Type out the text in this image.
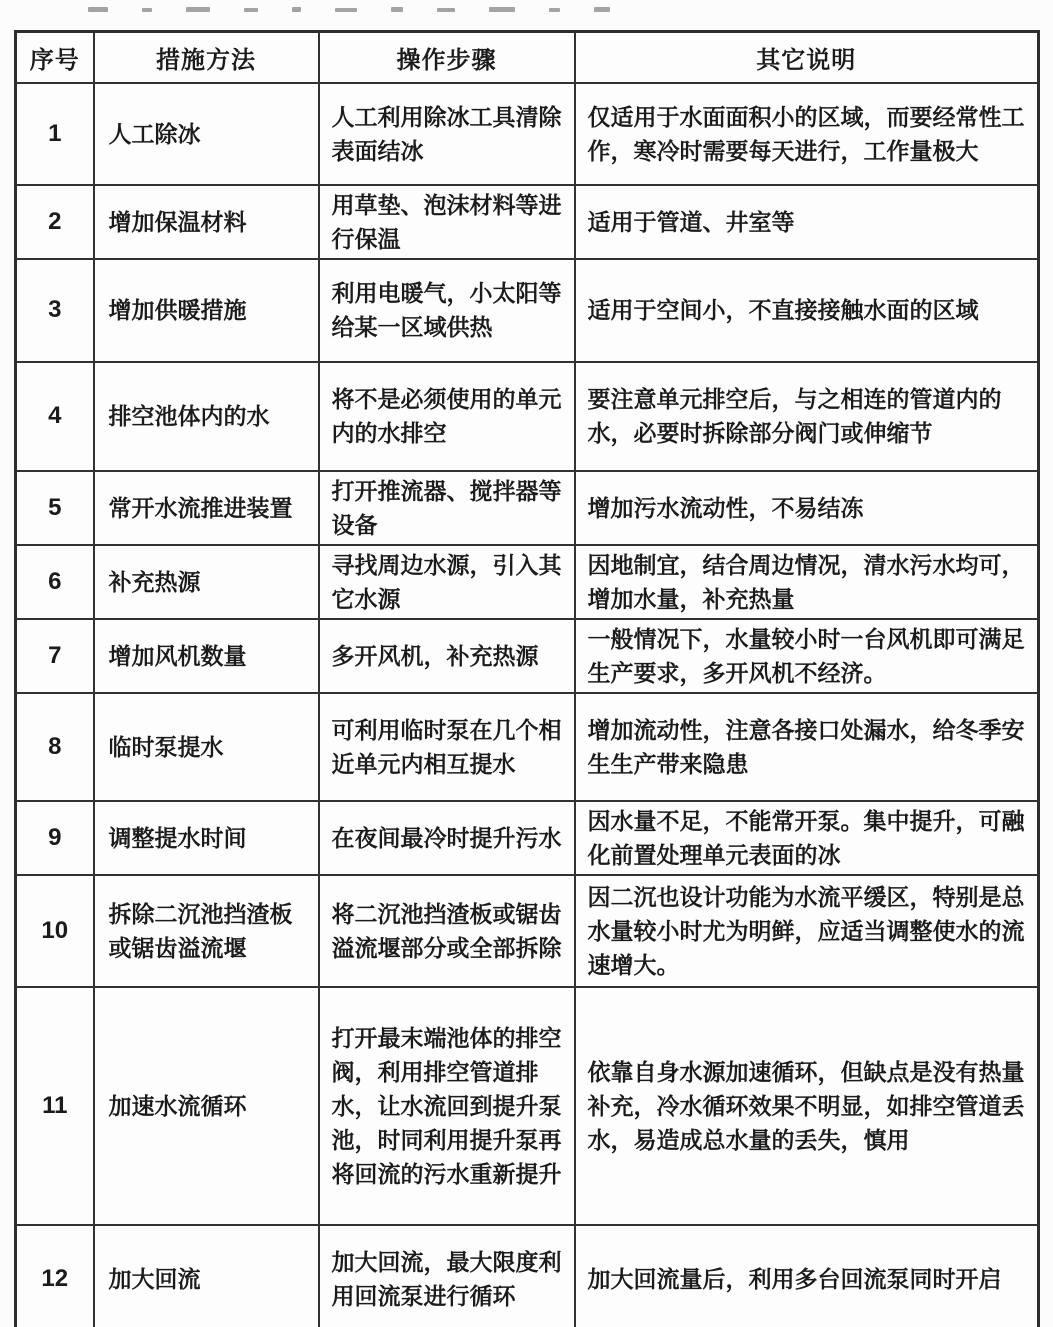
序号	措施方法	操作步骤	其它说明
1	人工除冰	人工利用除冰工具清除表面结冰	仅适用于水面面积小的区域，而要经常性工作，寒冷时需要每天进行，工作量极大
2	增加保温材料	用草垫、泡沫材料等进行保温	适用于管道、井室等
3	增加供暖措施	利用电暖气，小太阳等给某一区域供热	适用于空间小，不直接接触水面的区域
4	排空池体内的水	将不是必须使用的单元内的水排空	要注意单元排空后，与之相连的管道内的水，必要时拆除部分阀门或伸缩节
5	常开水流推进装置	打开推流器、搅拌器等设备	增加污水流动性，不易结冻
6	补充热源	寻找周边水源，引入其它水源	因地制宜，结合周边情况，清水污水均可，增加水量，补充热量
7	增加风机数量	多开风机，补充热源	一般情况下，水量较小时一台风机即可满足生产要求，多开风机不经济。
8	临时泵提水	可利用临时泵在几个相近单元内相互提水	增加流动性，注意各接口处漏水，给冬季安生生产带来隐患
9	调整提水时间	在夜间最冷时提升污水	因水量不足，不能常开泵。集中提升，可融化前置处理单元表面的冰
10	拆除二沉池挡渣板或锯齿溢流堰	将二沉池挡渣板或锯齿溢流堰部分或全部拆除	因二沉也设计功能为水流平缓区，特别是总水量较小时尤为明鲜，应适当调整使水的流速增大。
11	加速水流循环	打开最末端池体的排空阀，利用排空管道排水，让水流回到提升泵池，时同利用提升泵再将回流的污水重新提升	依靠自身水源加速循环，但缺点是没有热量补充，冷水循环效果不明显，如排空管道丢水，易造成总水量的丢失，慎用
12	加大回流	加大回流，最大限度利用回流泵进行循环	加大回流量后，利用多台回流泵同时开启
